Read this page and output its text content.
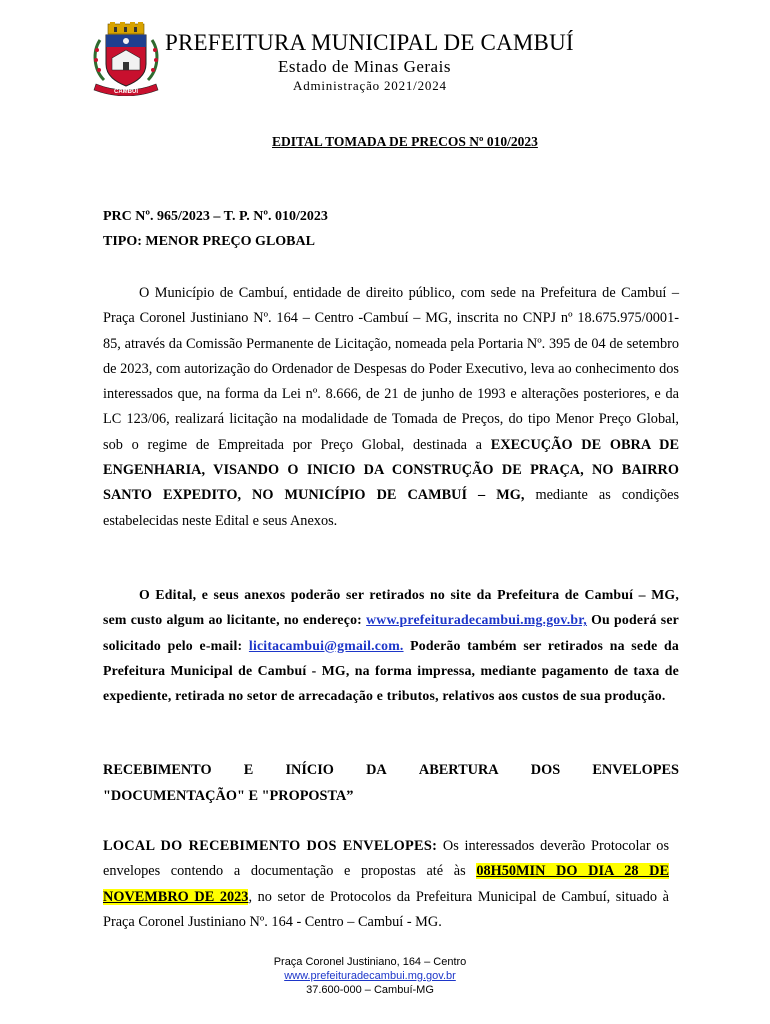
CAMBUÍ
PREFEITURA MUNICIPAL DE CAMBUÍ
Estado de Minas Gerais
Administração 2021/2024
EDITAL TOMADA DE PRECOS Nº 010/2023
PRC Nº. 965/2023 – T. P. Nº. 010/2023
TIPO: MENOR PREÇO GLOBAL
O Município de Cambuí, entidade de direito público, com sede na Prefeitura de Cambuí – Praça Coronel Justiniano Nº. 164 – Centro -Cambuí – MG, inscrita no CNPJ nº 18.675.975/0001- 85, através da Comissão Permanente de Licitação, nomeada pela Portaria Nº. 395 de 04 de setembro de 2023, com autorização do Ordenador de Despesas do Poder Executivo, leva ao conhecimento dos interessados que, na forma da Lei nº. 8.666, de 21 de junho de 1993 e alterações posteriores, e da LC 123/06, realizará licitação na modalidade de Tomada de Preços, do tipo Menor Preço Global, sob o regime de Empreitada por Preço Global, destinada a EXECUÇÃO DE OBRA DE ENGENHARIA, VISANDO O INICIO DA CONSTRUÇÃO DE PRAÇA, NO BAIRRO SANTO EXPEDITO, NO MUNICÍPIO DE CAMBUÍ – MG, mediante as condições estabelecidas neste Edital e seus Anexos.
O Edital, e seus anexos poderão ser retirados no site da Prefeitura de Cambuí – MG, sem custo algum ao licitante, no endereço: www.prefeituradecambui.mg.gov.br, Ou poderá ser solicitado pelo e-mail: licitacambui@gmail.com. Poderão também ser retirados na sede da Prefeitura Municipal de Cambuí - MG, na forma impressa, mediante pagamento de taxa de expediente, retirada no setor de arrecadação e tributos, relativos aos custos de sua produção.
RECEBIMENTO E INÍCIO DA ABERTURA DOS ENVELOPES
"DOCUMENTAÇÃO" E "PROPOSTA”
LOCAL DO RECEBIMENTO DOS ENVELOPES: Os interessados deverão Protocolar os envelopes contendo a documentação e propostas até às 08H50MIN DO DIA 28 DE NOVEMBRO DE 2023, no setor de Protocolos da Prefeitura Municipal de Cambuí, situado à Praça Coronel Justiniano Nº. 164 - Centro – Cambuí - MG.
Praça Coronel Justiniano, 164 – Centro
www.prefeituradecambui.mg.gov.br
37.600-000 – Cambuí-MG
